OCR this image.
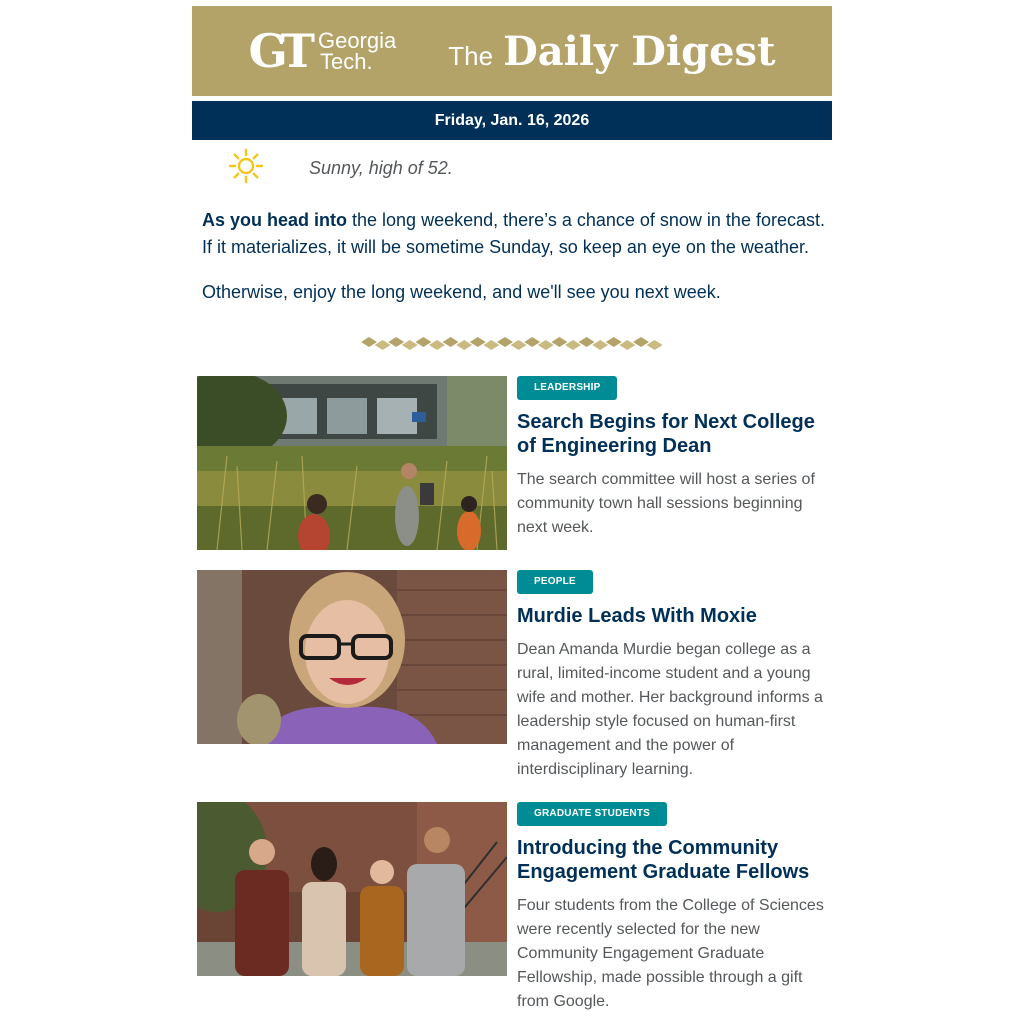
GT Georgia
Tech.	The Daily Digest
Friday, Jan. 16, 2026
Sunny, high of 52.

As you head into the long weekend, there’s a chance of snow in the forecast. If it materializes, it will be sometime Sunday, so keep an eye on the weather.

Otherwise, enjoy the long weekend, and we'll see you next week.

LEADERSHIP
Search Begins for Next College of Engineering Dean
The search committee will host a series of community town hall sessions beginning next week.
PEOPLE
Murdie Leads With Moxie
Dean Amanda Murdie began college as a rural, limited-income student and a young wife and mother. Her background informs a leadership style focused on human-first management and the power of interdisciplinary learning.
GRADUATE STUDENTS
Introducing the Community Engagement Graduate Fellows
Four students from the College of Sciences were recently selected for the new Community Engagement Graduate Fellowship, made possible through a gift from Google.
